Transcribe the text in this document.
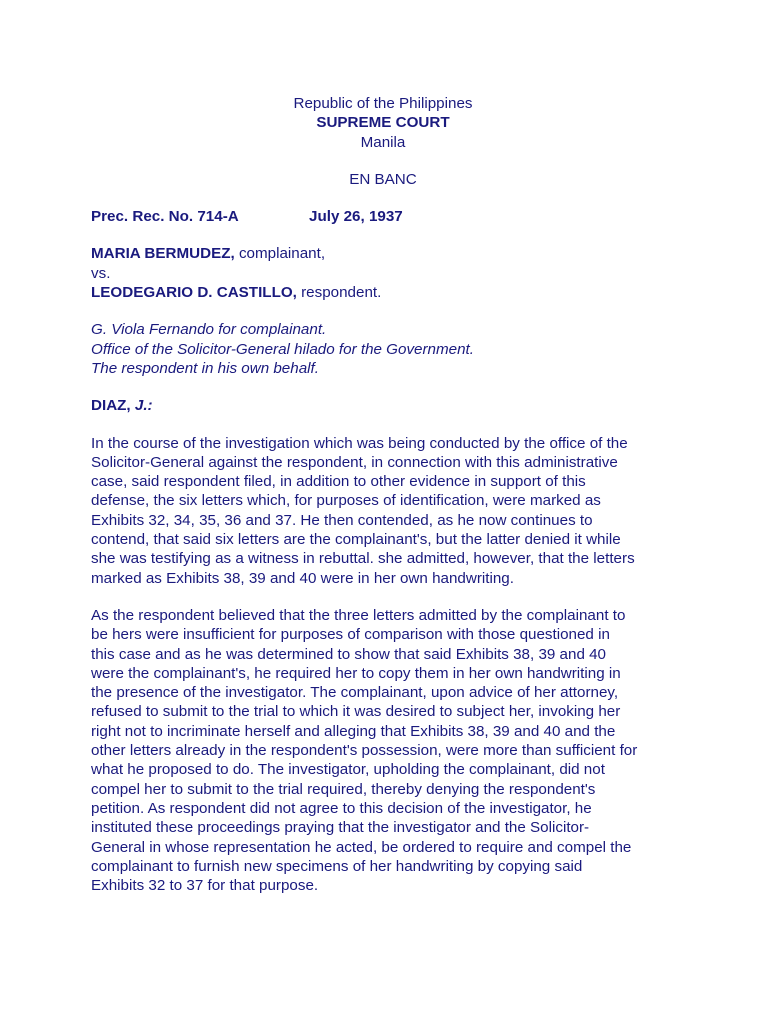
Republic of the Philippines
SUPREME COURT
Manila
EN BANC
Prec. Rec. No. 714-A	July 26, 1937
MARIA BERMUDEZ, complainant,
vs.
LEODEGARIO D. CASTILLO, respondent.
G. Viola Fernando for complainant.
Office of the Solicitor-General hilado for the Government.
The respondent in his own behalf.
DIAZ, J.:
In the course of the investigation which was being conducted by the office of the
Solicitor-General against the respondent, in connection with this administrative
case, said respondent filed, in addition to other evidence in support of this
defense, the six letters which, for purposes of identification, were marked as
Exhibits 32, 34, 35, 36 and 37. He then contended, as he now continues to
contend, that said six letters are the complainant's, but the latter denied it while
she was testifying as a witness in rebuttal. she admitted, however, that the letters
marked as Exhibits 38, 39 and 40 were in her own handwriting.
As the respondent believed that the three letters admitted by the complainant to
be hers were insufficient for purposes of comparison with those questioned in
this case and as he was determined to show that said Exhibits 38, 39 and 40
were the complainant's, he required her to copy them in her own handwriting in
the presence of the investigator. The complainant, upon advice of her attorney,
refused to submit to the trial to which it was desired to subject her, invoking her
right not to incriminate herself and alleging that Exhibits 38, 39 and 40 and the
other letters already in the respondent's possession, were more than sufficient for
what he proposed to do. The investigator, upholding the complainant, did not
compel her to submit to the trial required, thereby denying the respondent's
petition. As respondent did not agree to this decision of the investigator, he
instituted these proceedings praying that the investigator and the Solicitor-
General in whose representation he acted, be ordered to require and compel the
complainant to furnish new specimens of her handwriting by copying said
Exhibits 32 to 37 for that purpose.
